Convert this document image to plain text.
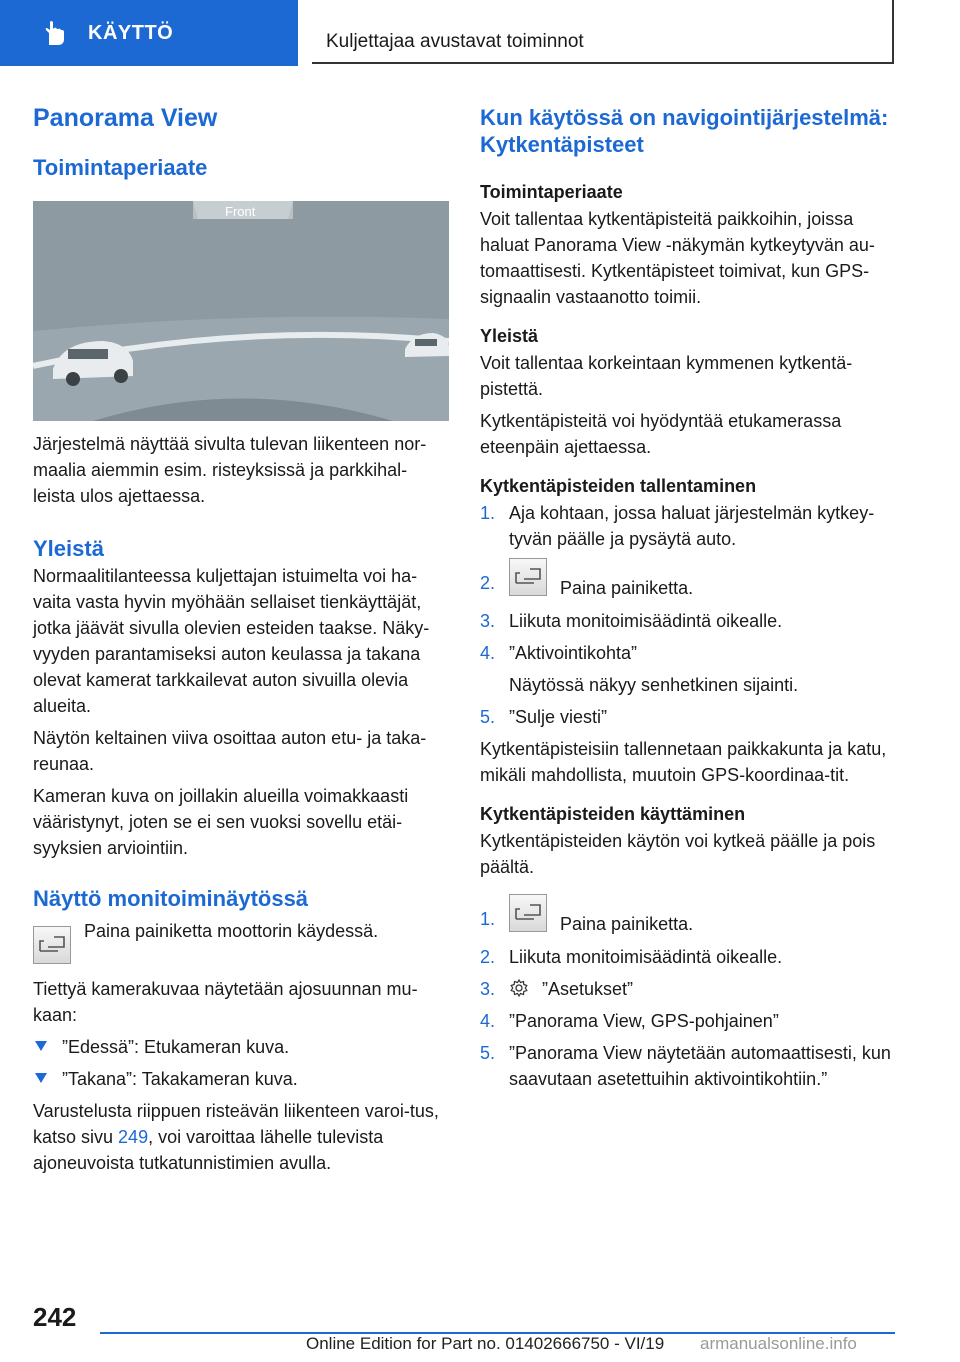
KÄYTTÖ	Kuljettajaa avustavat toiminnot
Panorama View
Toimintaperiaate
Front

Järjestelmä näyttää sivulta tulevan liikenteen nor-maalia aiemmin esim. risteyksissä ja parkkihal-leista ulos ajettaessa.

Yleistä

Normaalitilanteessa kuljettajan istuimelta voi ha-vaita vasta hyvin myöhään sellaiset tienkäyttäjät, jotka jäävät sivulla olevien esteiden taakse. Näky-vyyden parantamiseksi auton keulassa ja takana olevat kamerat tarkkailevat auton sivuilla olevia alueita.

Näytön keltainen viiva osoittaa auton etu- ja taka-reunaa.

Kameran kuva on joillakin alueilla voimakkaasti vääristynyt, joten se ei sen vuoksi sovellu etäi-syyksien arviointiin.

Näyttö monitoiminäytössä

Paina painiketta moottorin käydessä.

Tiettyä kamerakuvaa näytetään ajosuunnan mu-kaan:

”Edessä”: Etukameran kuva.
”Takana”: Takakameran kuva.

Varustelusta riippuen risteävän liikenteen varoi-tus, katso sivu 249, voi varoittaa lähelle tulevista ajoneuvoista tutkatunnistimien avulla.

Kun käytössä on navigointijärjestelmä: Kytkentäpisteet
Toimintaperiaate

Voit tallentaa kytkentäpisteitä paikkoihin, joissa haluat Panorama View -näkymän kytkeytyvän au-tomaattisesti. Kytkentäpisteet toimivat, kun GPS-signaalin vastaanotto toimii.

Yleistä

Voit tallentaa korkeintaan kymmenen kytkentä-pistettä.

Kytkentäpisteitä voi hyödyntää etukamerassa eteenpäin ajettaessa.

Kytkentäpisteiden tallentaminen
1. Aja kohtaan, jossa haluat järjestelmän kytkey-tyvän päälle ja pysäytä auto.
2.	Paina painiketta.
3. Liikuta monitoimisäädintä oikealle.
4. ”Aktivointikohta”
Näytössä näkyy senhetkinen sijainti.
5. ”Sulje viesti”

Kytkentäpisteisiin tallennetaan paikkakunta ja katu, mikäli mahdollista, muutoin GPS-koordinaa-tit.

Kytkentäpisteiden käyttäminen

Kytkentäpisteiden käytön voi kytkeä päälle ja pois päältä.

1.	Paina painiketta.
2. Liikuta monitoimisäädintä oikealle.
3.	”Asetukset”
4. ”Panorama View, GPS-pohjainen”
5. ”Panorama View näytetään automaattisesti, kun saavutaan asetettuihin aktivointikohtiin.”
242
Online Edition for Part no. 01402666750 - VI/19 armanualsonline.info
